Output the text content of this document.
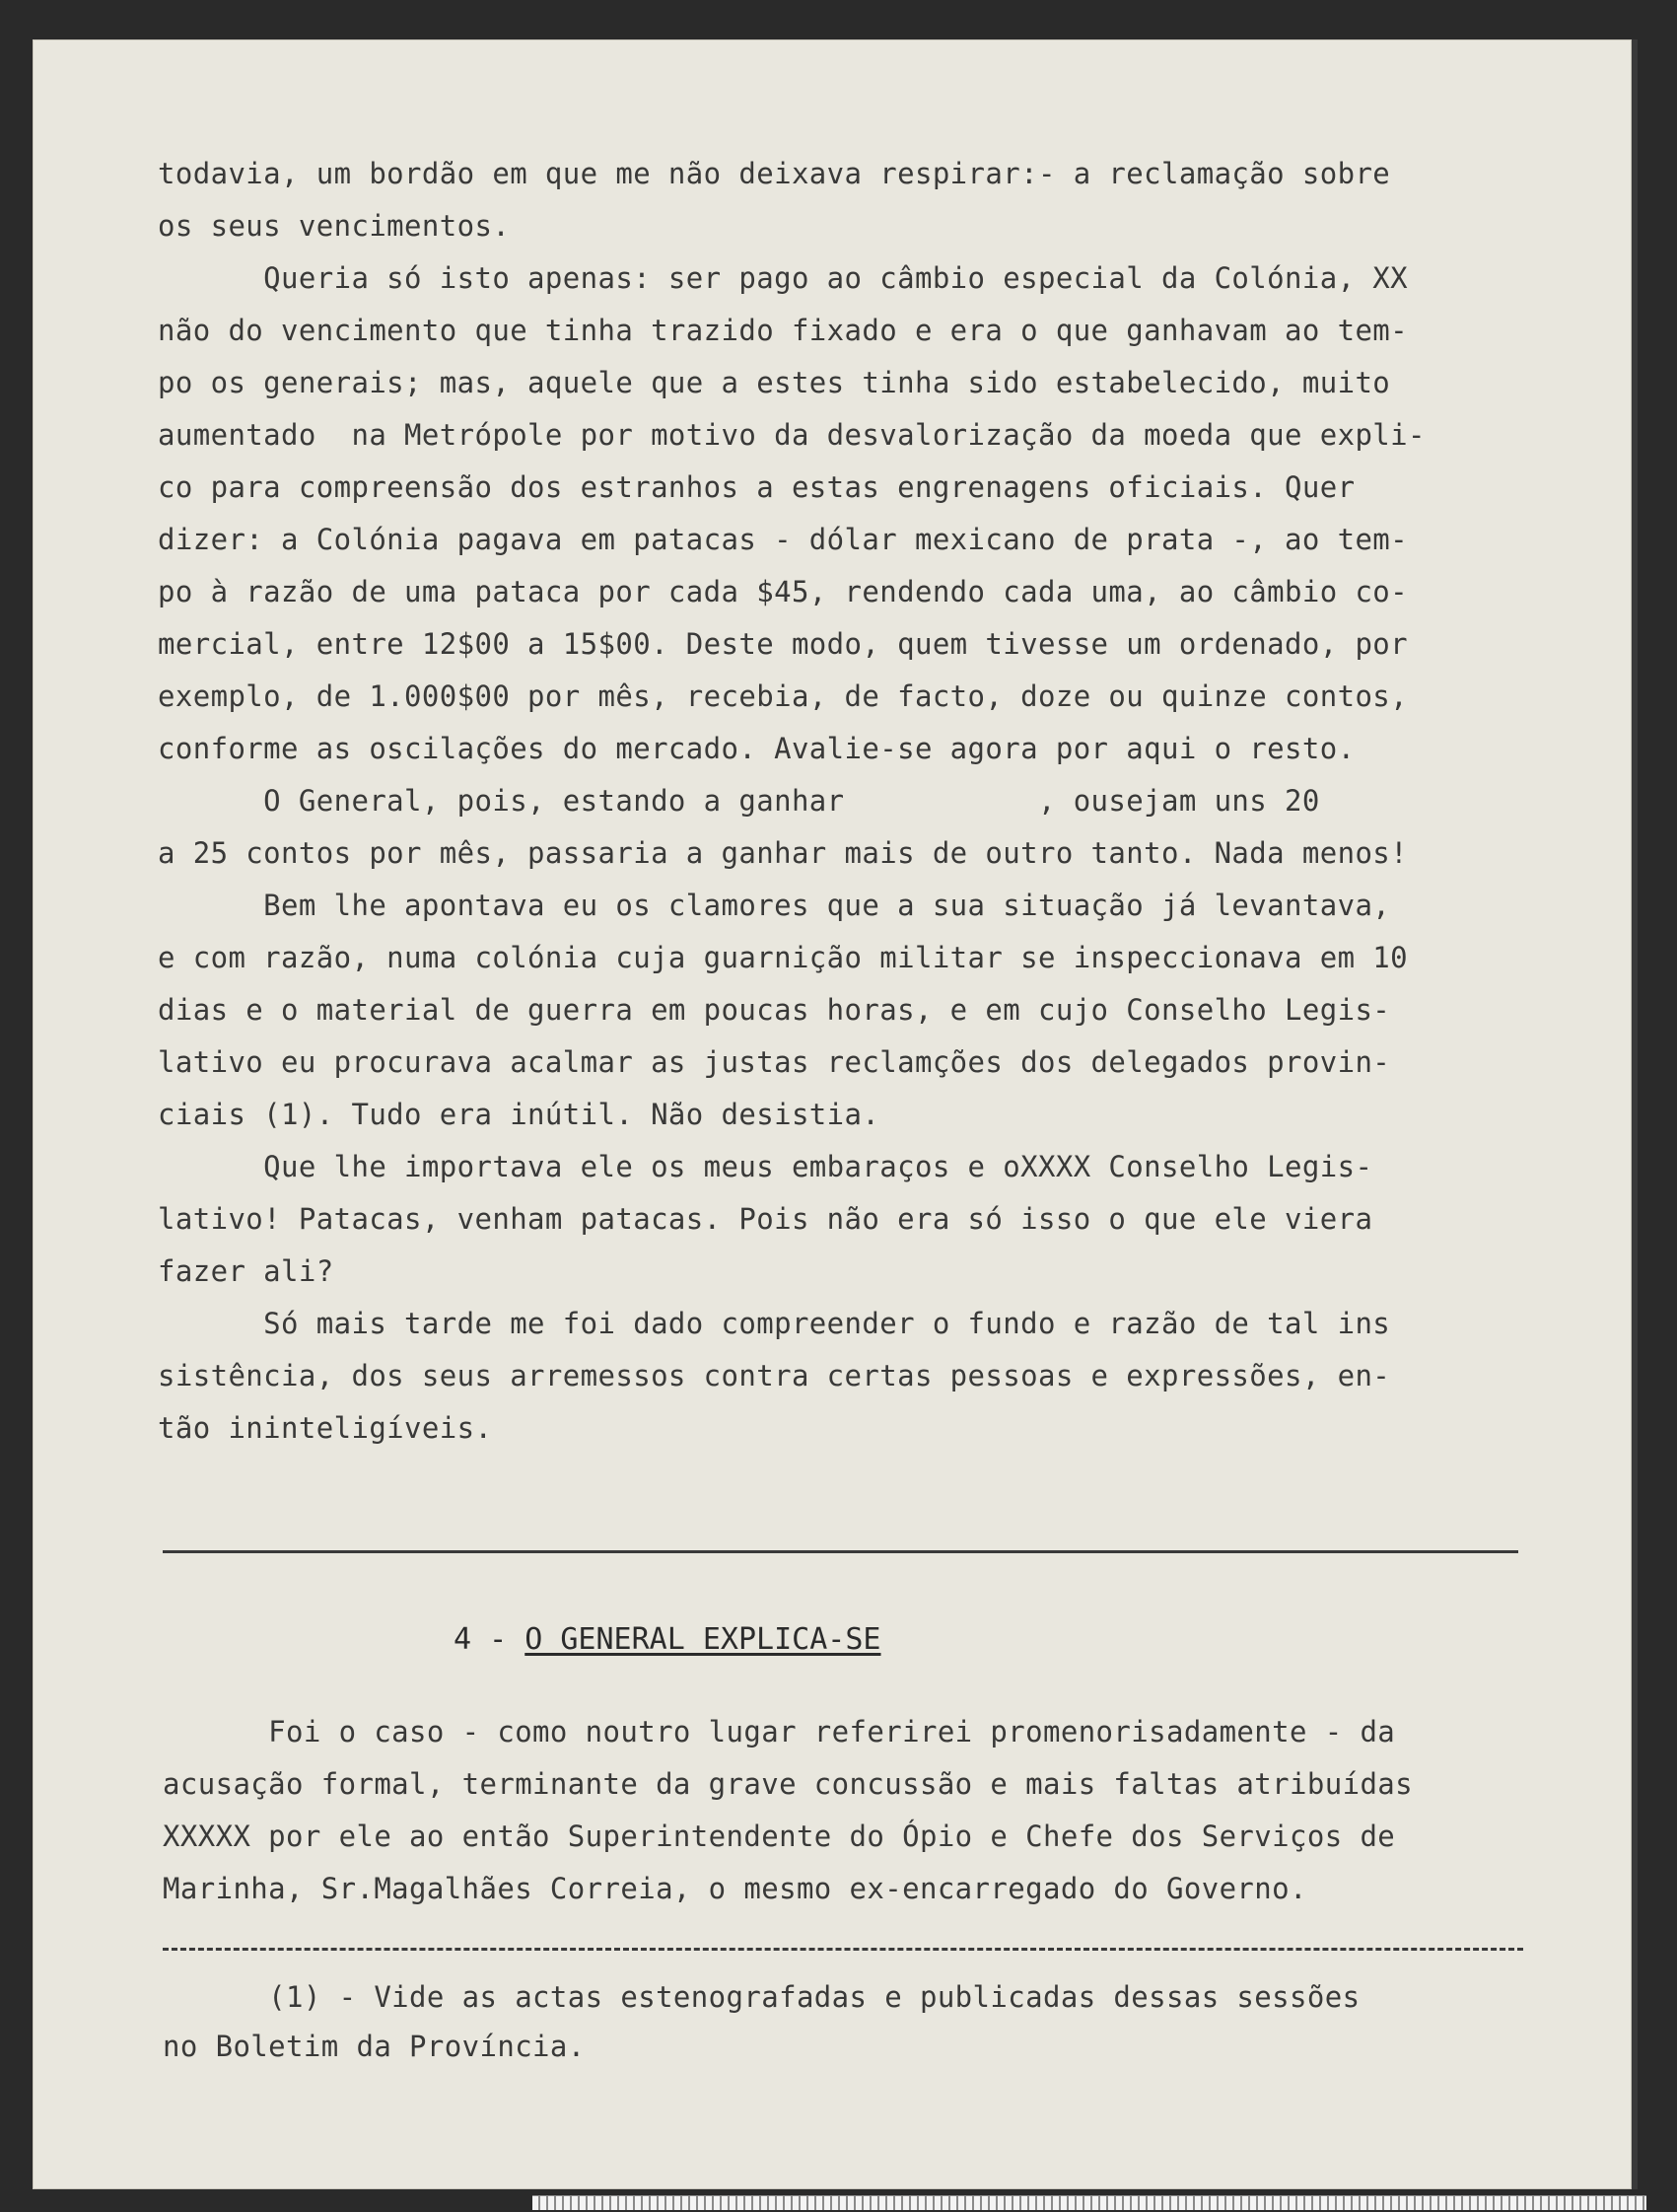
todavia, um bordão em que me não deixava respirar:- a reclamação sobre
os seus vencimentos.
Queria só isto apenas: ser pago ao câmbio especial da Colónia, XX
não do vencimento que tinha trazido fixado e era o que ganhavam ao tem-
po os generais; mas, aquele que a estes tinha sido estabelecido, muito
aumentado  na Metrópole por motivo da desvalorização da moeda que expli-
co para compreensão dos estranhos a estas engrenagens oficiais. Quer
dizer: a Colónia pagava em patacas - dólar mexicano de prata -, ao tem-
po à razão de uma pataca por cada $45, rendendo cada uma, ao câmbio co-
mercial, entre 12$00 a 15$00. Deste modo, quem tivesse um ordenado, por
exemplo, de 1.000$00 por mês, recebia, de facto, doze ou quinze contos,
conforme as oscilações do mercado. Avalie-se agora por aqui o resto.
O General, pois, estando a ganhar           , ousejam uns 20
a 25 contos por mês, passaria a ganhar mais de outro tanto. Nada menos!
Bem lhe apontava eu os clamores que a sua situação já levantava,
e com razão, numa colónia cuja guarnição militar se inspeccionava em 10
dias e o material de guerra em poucas horas, e em cujo Conselho Legis-
lativo eu procurava acalmar as justas reclamções dos delegados provin-
ciais (1). Tudo era inútil. Não desistia.
Que lhe importava ele os meus embaraços e oXXXX Conselho Legis-
lativo! Patacas, venham patacas. Pois não era só isso o que ele viera
fazer ali?
Só mais tarde me foi dado compreender o fundo e razão de tal ins
sistência, dos seus arremessos contra certas pessoas e expressões, en-
tão ininteligíveis.
4 - O GENERAL EXPLICA-SE
Foi o caso - como noutro lugar referirei promenorisadamente - da
acusação formal, terminante da grave concussão e mais faltas atribuídas
XXXXX por ele ao então Superintendente do Ópio e Chefe dos Serviços de
Marinha, Sr.Magalhães Correia, o mesmo ex-encarregado do Governo.
(1) - Vide as actas estenografadas e publicadas dessas sessões
no Boletim da Província.
